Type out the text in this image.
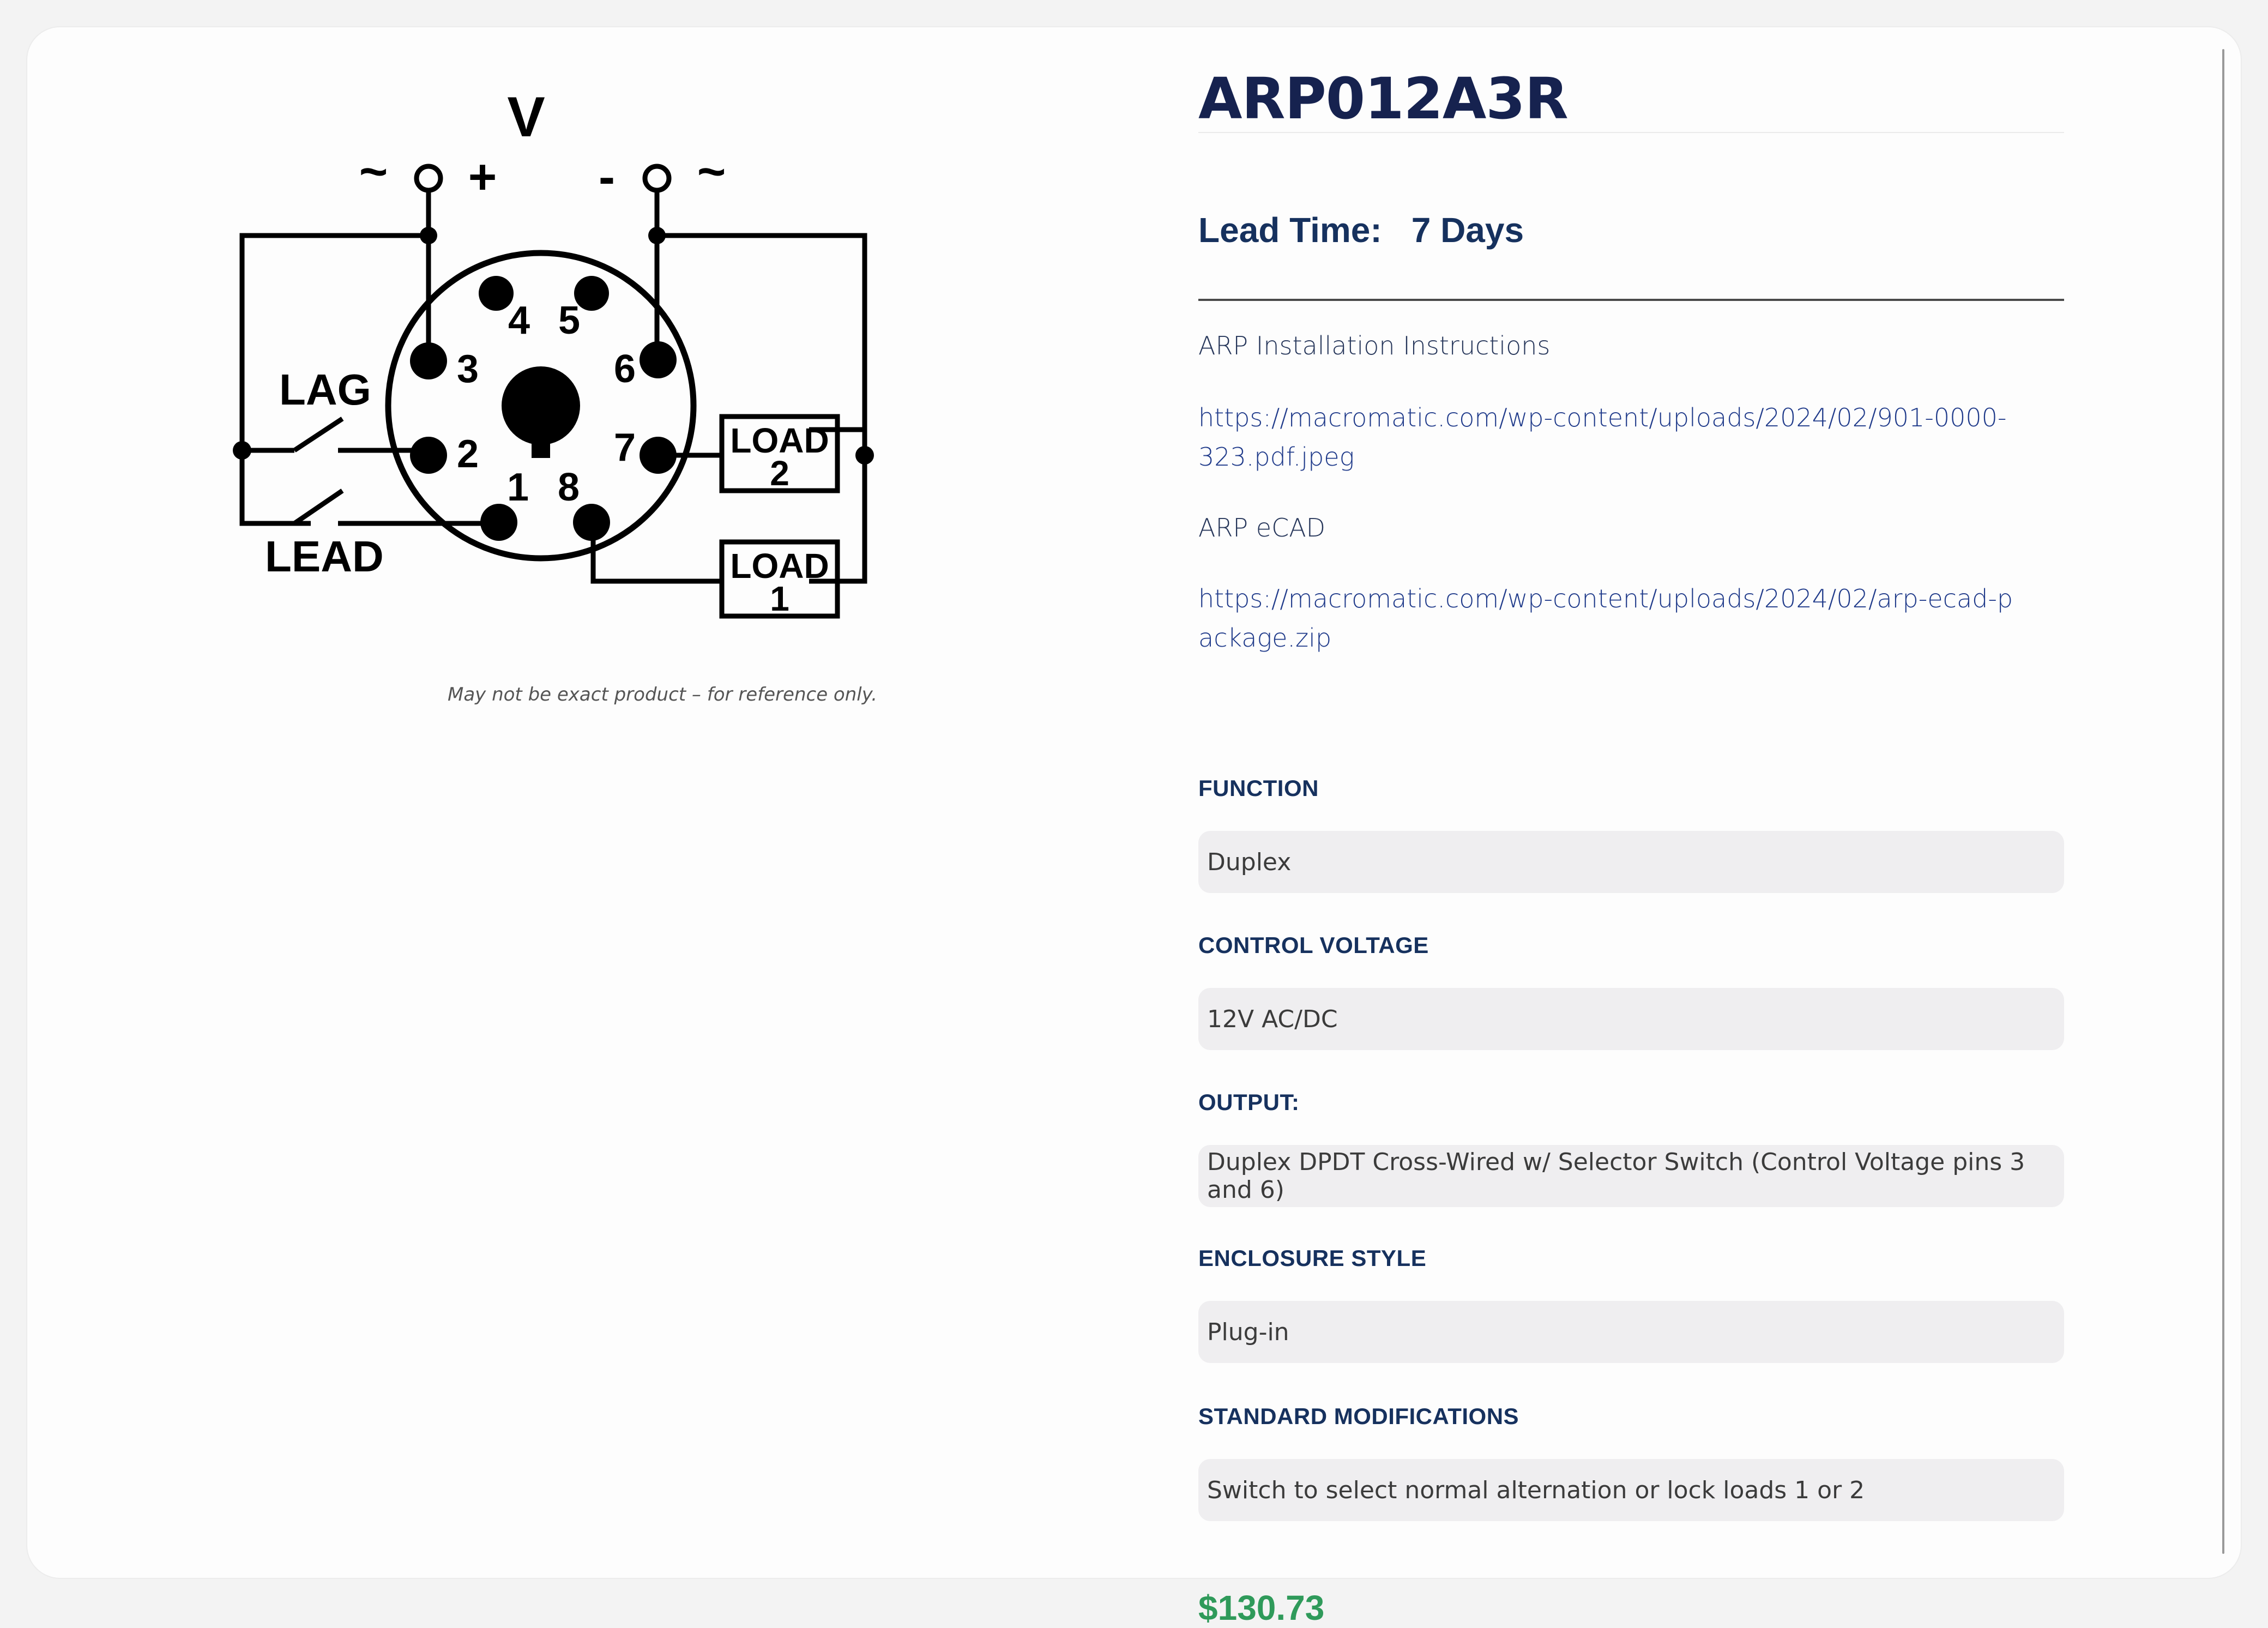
V
~ + - ~
LAG
LEAD
2
3
4 5
6
7
1 8
LOAD
2
LOAD
1
May not be exact product – for reference only.
ARP012A3R
Lead Time: 7 Days
ARP Installation Instructions
https://macromatic.com/wp-content/uploads/2024/02/901-0000-323.pdf.jpeg
ARP eCAD
https://macromatic.com/wp-content/uploads/2024/02/arp-ecad-package.zip
FUNCTION
Duplex
CONTROL VOLTAGE
12V AC/DC
OUTPUT:
Duplex DPDT Cross-Wired w/ Selector Switch (Control Voltage pins 3 and 6)
ENCLOSURE STYLE
Plug-in
STANDARD MODIFICATIONS
Switch to select normal alternation or lock loads 1 or 2
$130.73
